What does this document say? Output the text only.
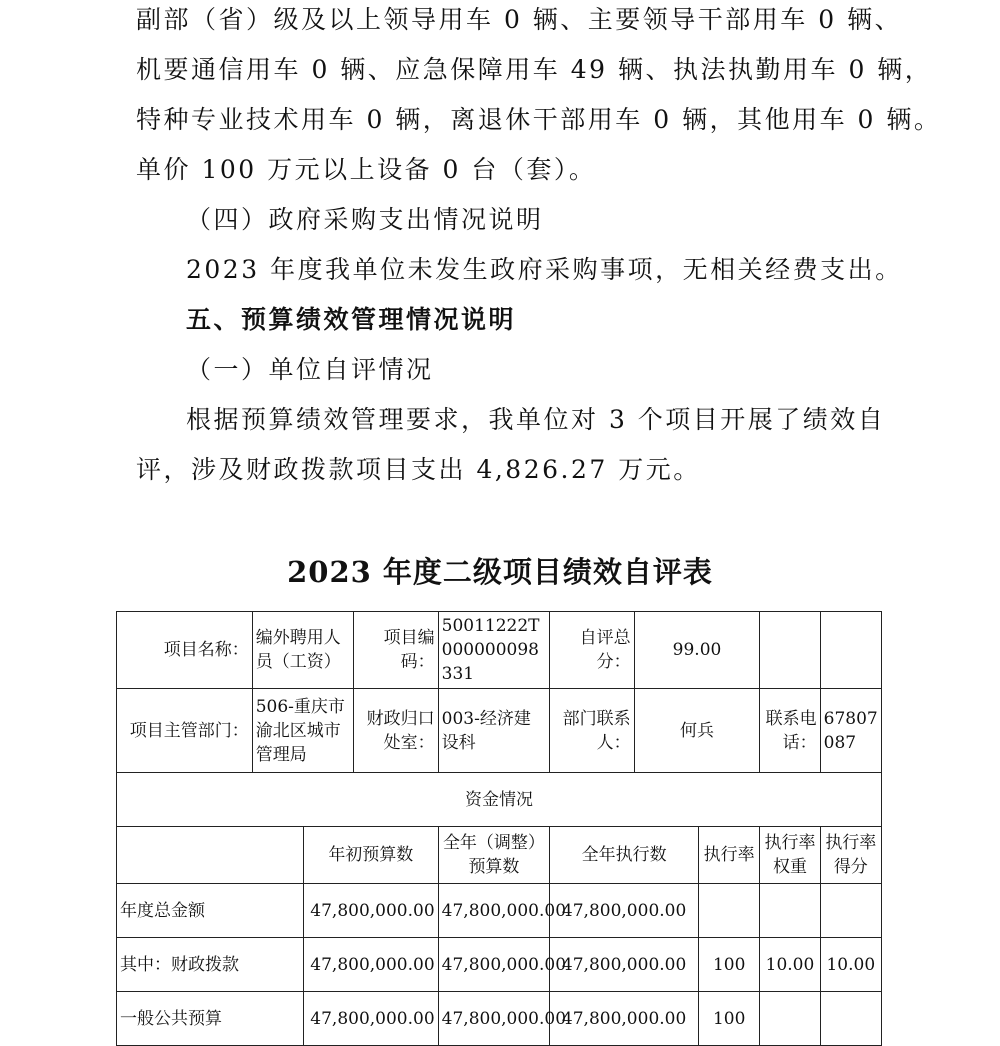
副部（省）级及以上领导用车 0 辆、主要领导干部用车 0 辆、

机要通信用车 0 辆、应急保障用车 49 辆、执法执勤用车 0 辆，

特种专业技术用车 0 辆，离退休干部用车 0 辆，其他用车 0 辆。

单价 100 万元以上设备 0 台（套）。

（四）政府采购支出情况说明

2023 年度我单位未发生政府采购事项，无相关经费支出。

五、预算绩效管理情况说明

（一）单位自评情况

根据预算绩效管理要求，我单位对 3 个项目开展了绩效自

评，涉及财政拨款项目支出 4,826.27 万元。

2023 年度二级项目绩效自评表
项目名称：	编外聘用人员（工资）		项目编码：	50011222T000000098331	自评总分：	99.00			
项目主管部门：	506-重庆市渝北区城市管理局		财政归口处室：	003-经济建设科	部门联系人：	何兵		联系电话：	67807087
资金情况									
		年初预算数		全年（调整）预算数	全年执行数		执行率	执行率权重	执行率得分
年度总金额		47,800,000.00		47,800,000.00	47,800,000.00				
其中：财政拨款		47,800,000.00		47,800,000.00	47,800,000.00		100	10.00	10.00
一般公共预算		47,800,000.00		47,800,000.00	47,800,000.00		100		
